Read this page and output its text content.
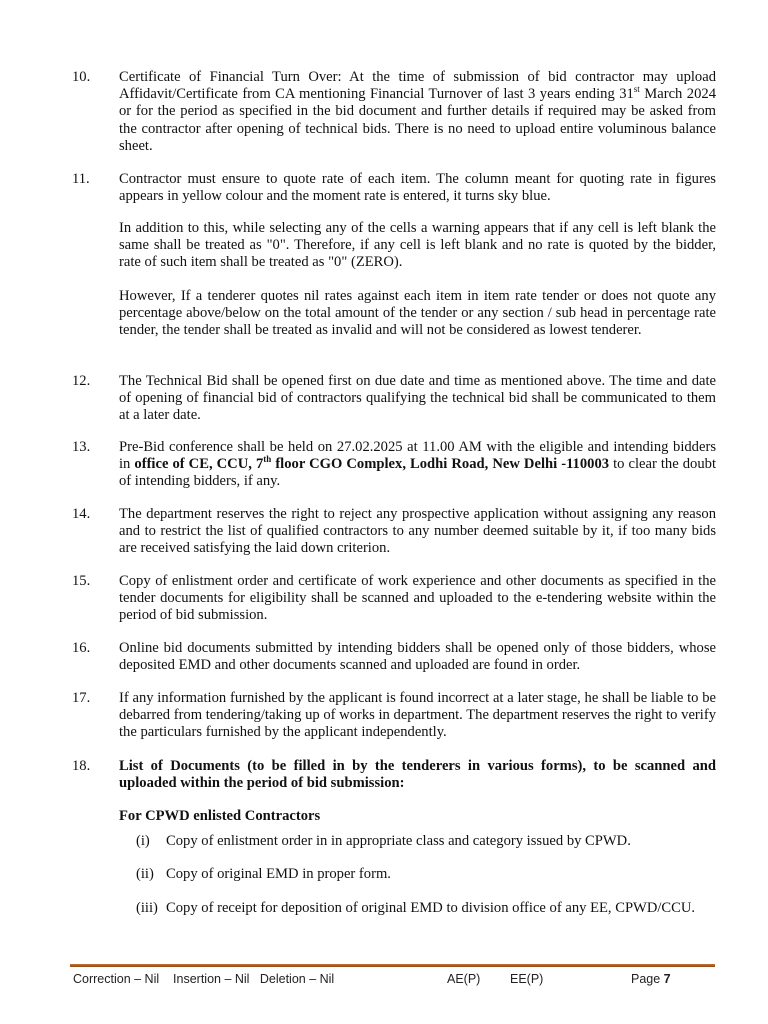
10.	Certificate of Financial Turn Over: At the time of submission of bid contractor may upload Affidavit/Certificate from CA mentioning Financial Turnover of last 3 years ending 31st March 2024 or for the period as specified in the bid document and further details if required may be asked from the contractor after opening of technical bids. There is no need to upload entire voluminous balance sheet.
11.	Contractor must ensure to quote rate of each item. The column meant for quoting rate in figures appears in yellow colour and the moment rate is entered, it turns sky blue.
In addition to this, while selecting any of the cells a warning appears that if any cell is left blank the same shall be treated as "0". Therefore, if any cell is left blank and no rate is quoted by the bidder, rate of such item shall be treated as "0" (ZERO).
However, If a tenderer quotes nil rates against each item in item rate tender or does not quote any percentage above/below on the total amount of the tender or any section / sub head in percentage rate tender, the tender shall be treated as invalid and will not be considered as lowest tenderer.
12.	The Technical Bid shall be opened first on due date and time as mentioned above. The time and date of opening of financial bid of contractors qualifying the technical bid shall be communicated to them at a later date.
13.	Pre-Bid conference shall be held on 27.02.2025 at 11.00 AM with the eligible and intending bidders in office of CE, CCU, 7th floor CGO Complex, Lodhi Road, New Delhi -110003 to clear the doubt of intending bidders, if any.
14.	The department reserves the right to reject any prospective application without assigning any reason and to restrict the list of qualified contractors to any number deemed suitable by it, if too many bids are received satisfying the laid down criterion.
15.	Copy of enlistment order and certificate of work experience and other documents as specified in the tender documents for eligibility shall be scanned and uploaded to the e-tendering website within the period of bid submission.
16.	Online bid documents submitted by intending bidders shall be opened only of those bidders, whose deposited EMD and other documents scanned and uploaded are found in order.
17.	If any information furnished by the applicant is found incorrect at a later stage, he shall be liable to be debarred from tendering/taking up of works in department. The department reserves the right to verify the particulars furnished by the applicant independently.
18.	List of Documents (to be filled in by the tenderers in various forms), to be scanned and uploaded within the period of bid submission:
For CPWD enlisted Contractors
(i) Copy of enlistment order in in appropriate class and category issued by CPWD.
(ii) Copy of original EMD in proper form.
(iii) Copy of receipt for deposition of original EMD to division office of any EE, CPWD/CCU.
Correction – Nil    Insertion – Nil   Deletion – Nil	AE(P) EE(P)	Page 7
